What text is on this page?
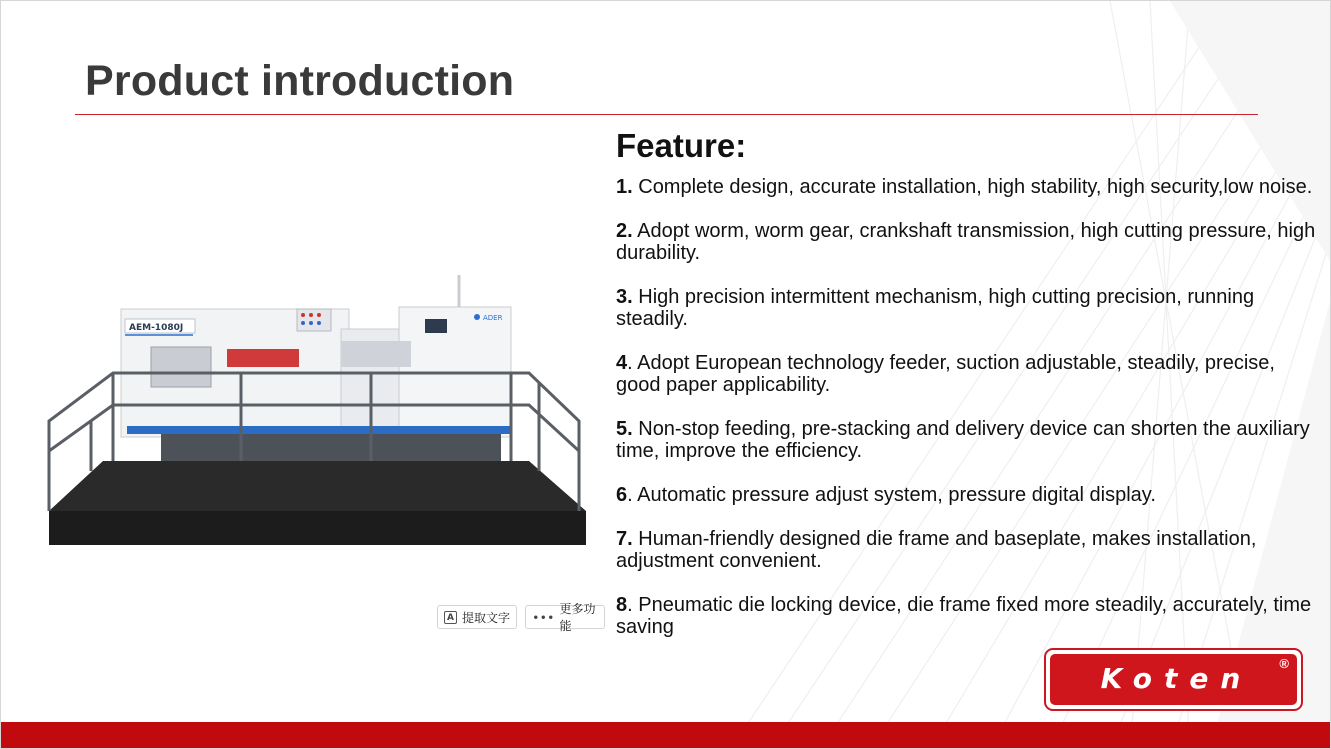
Product introduction
AEM-1080J
ADER
Feature:
1. Complete design, accurate installation, high stability, high security,low noise.
2. Adopt worm, worm gear, crankshaft transmission, high cutting pressure, high durability.
3. High precision intermittent mechanism, high cutting precision, running steadily.
4. Adopt European technology feeder, suction adjustable, steadily, precise, good paper applicability.
5. Non-stop feeding, pre-stacking and delivery device can shorten the auxiliary time, improve the efficiency.
6. Automatic pressure adjust system, pressure digital display.
7. Human-friendly designed die frame and baseplate, makes installation, adjustment convenient.
8. Pneumatic die locking device, die frame fixed more steadily, accurately, time saving
A 提取文字 ∙∙∙
更多功能
Koten	®
